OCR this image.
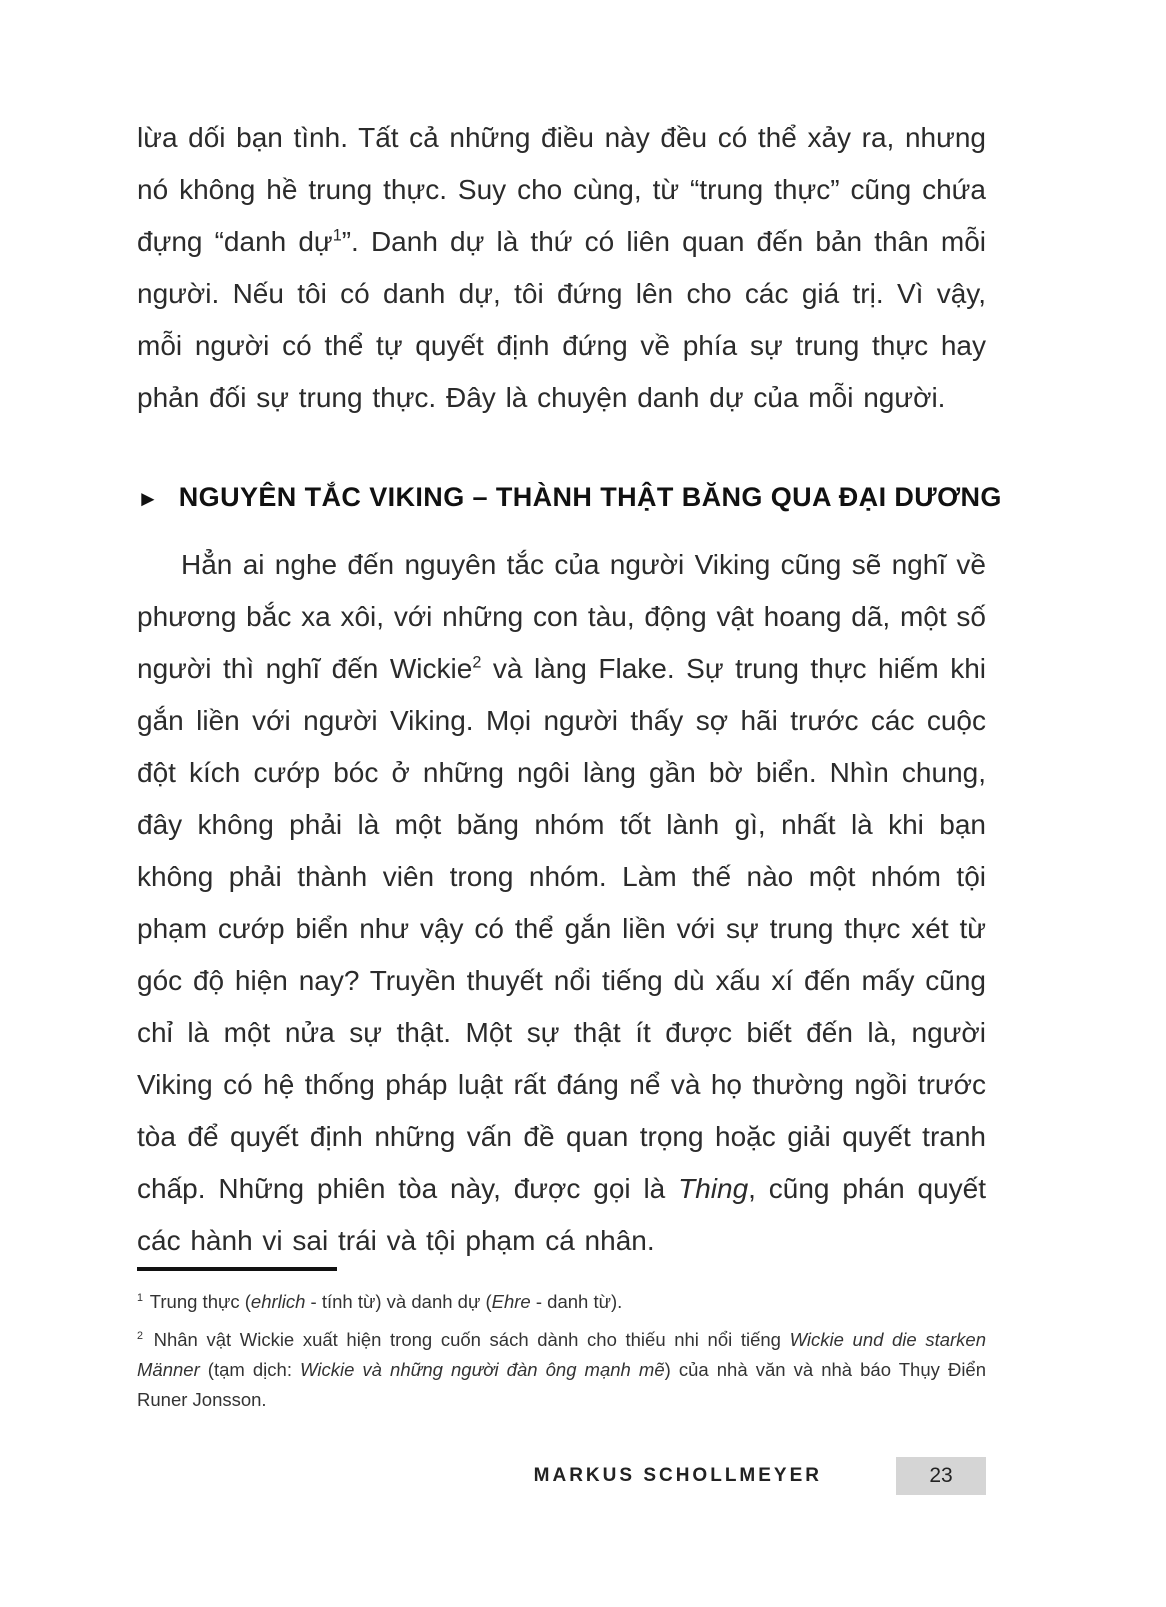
lừa dối bạn tình. Tất cả những điều này đều có thể xảy ra, nhưng nó không hề trung thực. Suy cho cùng, từ “trung thực” cũng chứa đựng “danh dự$^1$”. Danh dự là thứ có liên quan đến bản thân mỗi người. Nếu tôi có danh dự, tôi đứng lên cho các giá trị. Vì vậy, mỗi người có thể tự quyết định đứng về phía sự trung thực hay phản đối sự trung thực. Đây là chuyện danh dự của mỗi người.

► NGUYÊN TẮC VIKING – THÀNH THẬT BĂNG QUA ĐẠI DƯƠNG

Hẳn ai nghe đến nguyên tắc của người Viking cũng sẽ nghĩ về phương bắc xa xôi, với những con tàu, động vật hoang dã, một số người thì nghĩ đến Wickie$^2$ và làng Flake. Sự trung thực hiếm khi gắn liền với người Viking. Mọi người thấy sợ hãi trước các cuộc đột kích cướp bóc ở những ngôi làng gần bờ biển. Nhìn chung, đây không phải là một băng nhóm tốt lành gì, nhất là khi bạn không phải thành viên trong nhóm. Làm thế nào một nhóm tội phạm cướp biển như vậy có thể gắn liền với sự trung thực xét từ góc độ hiện nay? Truyền thuyết nổi tiếng dù xấu xí đến mấy cũng chỉ là một nửa sự thật. Một sự thật ít được biết đến là, người Viking có hệ thống pháp luật rất đáng nể và họ thường ngồi trước tòa để quyết định những vấn đề quan trọng hoặc giải quyết tranh chấp. Những phiên tòa này, được gọi là Thing, cũng phán quyết các hành vi sai trái và tội phạm cá nhân.

$^1$ Trung thực (ehrlich - tính từ) và danh dự (Ehre - danh từ).

$^2$ Nhân vật Wickie xuất hiện trong cuốn sách dành cho thiếu nhi nổi tiếng Wickie und die starken Männer (tạm dịch: Wickie và những người đàn ông mạnh mẽ) của nhà văn và nhà báo Thụy Điển Runer Jonsson.

MARKUS SCHOLLMEYER	23
